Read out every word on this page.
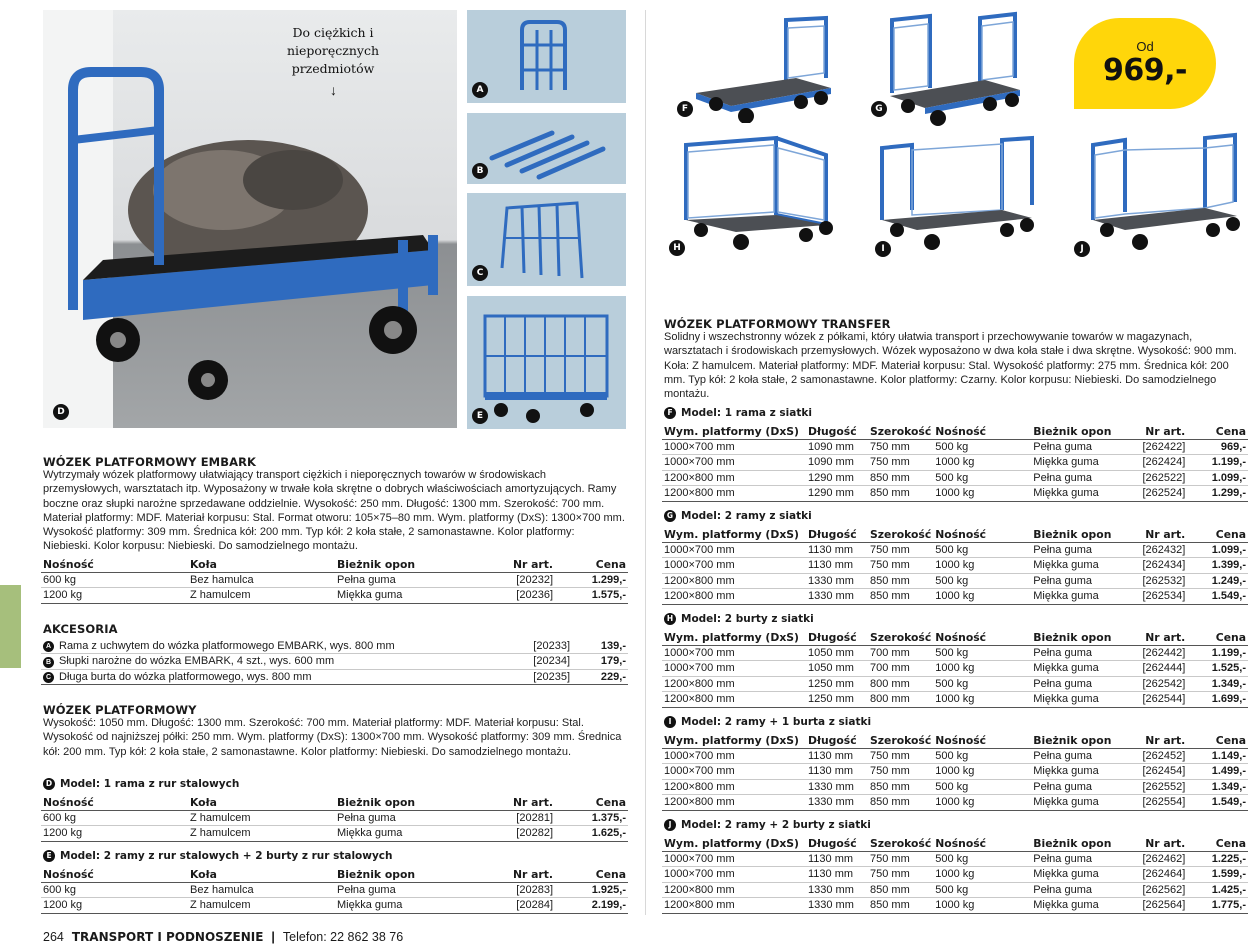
Do ciężkich i nieporęcznych przedmiotów
↓
D
A
B
C
E
F	G
Od
969,-
H	I	J
WÓZEK PLATFORMOWY EMBARK
Wytrzymały wózek platformowy ułatwiający transport ciężkich i nieporęcznych towarów w środowiskach przemysłowych, warsztatach itp. Wyposażony w trwałe koła skrętne o dobrych właściwościach amortyzujących. Ramy boczne oraz słupki narożne sprzedawane oddzielnie. Wysokość: 250 mm. Długość: 1300 mm. Szerokość: 700 mm. Materiał platformy: MDF. Materiał korpusu: Stal. Format otworu: 105×75–80 mm. Wym. platformy (DxS): 1300×700 mm. Wysokość platformy: 309 mm. Średnica kół: 200 mm. Typ kół: 2 koła stałe, 2 samonastawne. Kolor platformy: Niebieski. Kolor korpusu: Niebieski. Do samodzielnego montażu.
Nośność	Koła	Bieżnik opon	Nr art.	Cena
600 kg	Bez hamulca	Pełna guma	[20232]	1.299,-
1200 kg	Z hamulcem	Miękka guma	[20236]	1.575,-
AKCESORIA
A	Rama z uchwytem do wózka platformowego EMBARK, wys. 800 mm	[20233]	139,-
B	Słupki narożne do wózka EMBARK, 4 szt., wys. 600 mm	[20234]	179,-
C	Długa burta do wózka platformowego, wys. 800 mm	[20235]	229,-
WÓZEK PLATFORMOWY
Wysokość: 1050 mm. Długość: 1300 mm. Szerokość: 700 mm. Materiał platformy: MDF. Materiał korpusu: Stal. Wysokość od najniższej półki: 250 mm. Wym. platformy (DxS): 1300×700 mm. Wysokość platformy: 309 mm. Średnica kół: 200 mm. Typ kół: 2 koła stałe, 2 samonastawne. Kolor platformy: Niebieski. Do samodzielnego montażu.
D Model: 1 rama z rur stalowych
Nośność	Koła	Bieżnik opon	Nr art.	Cena
600 kg	Z hamulcem	Pełna guma	[20281]	1.375,-
1200 kg	Z hamulcem	Miękka guma	[20282]	1.625,-
E Model: 2 ramy z rur stalowych + 2 burty z rur stalowych
Nośność	Koła	Bieżnik opon	Nr art.	Cena
600 kg	Bez hamulca	Pełna guma	[20283]	1.925,-
1200 kg	Z hamulcem	Miękka guma	[20284]	2.199,-
WÓZEK PLATFORMOWY TRANSFER
Solidny i wszechstronny wózek z półkami, który ułatwia transport i przechowywanie towarów w magazynach, warsztatach i środowiskach przemysłowych. Wózek wyposażono w dwa koła stałe i dwa skrętne. Wysokość: 900 mm. Koła: Z hamulcem. Materiał platformy: MDF. Materiał korpusu: Stal. Wysokość platformy: 275 mm. Średnica kół: 200 mm. Typ kół: 2 koła stałe, 2 samonastawne. Kolor platformy: Czarny. Kolor korpusu: Niebieski. Do samodzielnego montażu.
F Model: 1 rama z siatki
Wym. platformy (DxS)	Długość	Szerokość	Nośność	Bieżnik opon	Nr art.	Cena
1000×700 mm	1090 mm	750 mm	500 kg	Pełna guma	[262422]	969,-
1000×700 mm	1090 mm	750 mm	1000 kg	Miękka guma	[262424]	1.199,-
1200×800 mm	1290 mm	850 mm	500 kg	Pełna guma	[262522]	1.099,-
1200×800 mm	1290 mm	850 mm	1000 kg	Miękka guma	[262524]	1.299,-
G Model: 2 ramy z siatki
Wym. platformy (DxS)	Długość	Szerokość	Nośność	Bieżnik opon	Nr art.	Cena
1000×700 mm	1130 mm	750 mm	500 kg	Pełna guma	[262432]	1.099,-
1000×700 mm	1130 mm	750 mm	1000 kg	Miękka guma	[262434]	1.399,-
1200×800 mm	1330 mm	850 mm	500 kg	Pełna guma	[262532]	1.249,-
1200×800 mm	1330 mm	850 mm	1000 kg	Miękka guma	[262534]	1.549,-
H Model: 2 burty z siatki
Wym. platformy (DxS)	Długość	Szerokość	Nośność	Bieżnik opon	Nr art.	Cena
1000×700 mm	1050 mm	700 mm	500 kg	Pełna guma	[262442]	1.199,-
1000×700 mm	1050 mm	700 mm	1000 kg	Miękka guma	[262444]	1.525,-
1200×800 mm	1250 mm	800 mm	500 kg	Pełna guma	[262542]	1.349,-
1200×800 mm	1250 mm	800 mm	1000 kg	Miękka guma	[262544]	1.699,-
I Model: 2 ramy + 1 burta z siatki
Wym. platformy (DxS)	Długość	Szerokość	Nośność	Bieżnik opon	Nr art.	Cena
1000×700 mm	1130 mm	750 mm	500 kg	Pełna guma	[262452]	1.149,-
1000×700 mm	1130 mm	750 mm	1000 kg	Miękka guma	[262454]	1.499,-
1200×800 mm	1330 mm	850 mm	500 kg	Pełna guma	[262552]	1.349,-
1200×800 mm	1330 mm	850 mm	1000 kg	Miękka guma	[262554]	1.549,-
J Model: 2 ramy + 2 burty z siatki
Wym. platformy (DxS)	Długość	Szerokość	Nośność	Bieżnik opon	Nr art.	Cena
1000×700 mm	1130 mm	750 mm	500 kg	Pełna guma	[262462]	1.225,-
1000×700 mm	1130 mm	750 mm	1000 kg	Miękka guma	[262464]	1.599,-
1200×800 mm	1330 mm	850 mm	500 kg	Pełna guma	[262562]	1.425,-
1200×800 mm	1330 mm	850 mm	1000 kg	Miękka guma	[262564]	1.775,-
264 TRANSPORT I PODNOSZENIE | Telefon: 22 862 38 76
